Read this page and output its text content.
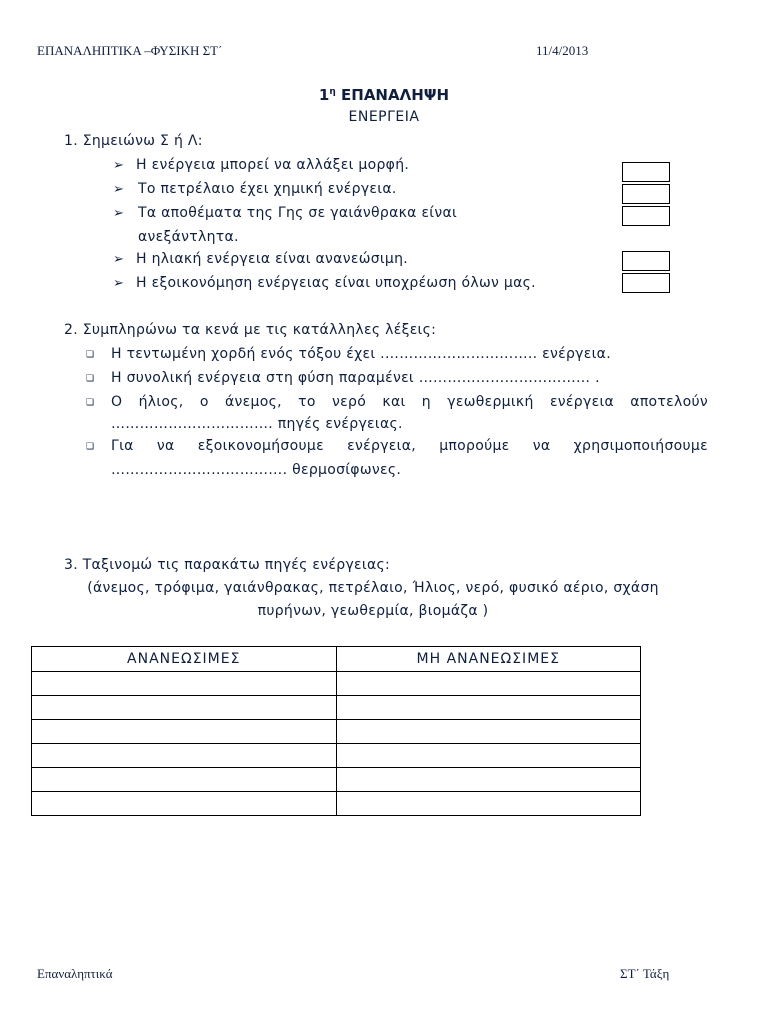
ΕΠΑΝΑΛΗΠΤΙΚΑ –ΦΥΣΙΚΗ ΣΤ΄	11/4/2013
$1^\eta$ ΕΠΑΝΑΛΗΨΗ
ΕΝΕΡΓΕΙΑ
1. Σημειώνω Σ ή Λ:
➢ Η ενέργεια μπορεί να αλλάξει μορφή.
➢ Το πετρέλαιο έχει χημική ενέργεια.
➢ Τα αποθέματα της Γης σε γαιάνθρακα είναι
ανεξάντλητα.
➢ Η ηλιακή ενέργεια είναι ανανεώσιμη.
➢ Η εξοικονόμηση ενέργειας είναι υποχρέωση όλων μας.
2. Συμπληρώνω τα κενά με τις κατάλληλες λέξεις:
❑ Η τεντωμένη χορδή ενός τόξου έχει .………………………….. ενέργεια.
❑ Η συνολική ενέργεια στη φύση παραμένει ……………………………… .
❑ Ο ήλιος, ο άνεμος, το νερό και η γεωθερμική ενέργεια αποτελούν
……………………………. πηγές ενέργειας.
❑ Για να εξοικονομήσουμε ενέργεια, μπορούμε να χρησιμοποιήσουμε
………………………………. θερμοσίφωνες.
3. Ταξινομώ τις παρακάτω πηγές ενέργειας:
(άνεμος, τρόφιμα, γαιάνθρακας, πετρέλαιο, Ήλιος, νερό, φυσικό αέριο, σχάση
πυρήνων, γεωθερμία, βιομάζα )
ΑΝΑΝΕΩΣΙΜΕΣ	ΜΗ ΑΝΑΝΕΩΣΙΜΕΣ

Επαναληπτικά	ΣΤ΄ Τάξη
